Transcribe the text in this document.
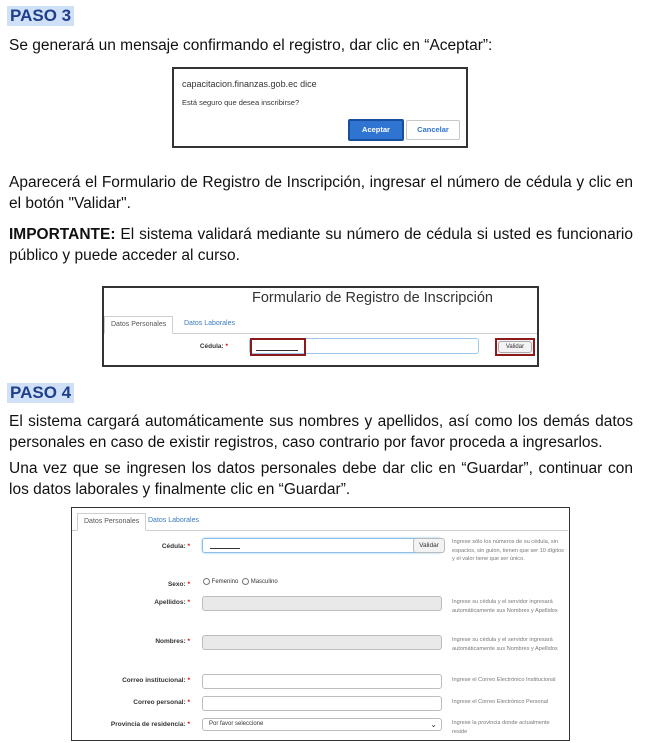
PASO 3
Se generará un mensaje confirmando el registro, dar clic en “Aceptar”:
capacitacion.finanzas.gob.ec dice
Está seguro que desea inscribirse?
Aceptar	Cancelar
Aparecerá el Formulario de Registro de Inscripción, ingresar el número de cédula y clic en el botón "Validar".
IMPORTANTE: El sistema validará mediante su número de cédula si usted es funcionario público y puede acceder al curso.
Formulario de Registro de Inscripción
Datos Personales	Datos Laborales
Cédula: *	Validar
PASO 4
El sistema cargará automáticamente sus nombres y apellidos, así como los demás datos personales en caso de existir registros, caso contrario por favor proceda a ingresarlos.
Una vez que se ingresen los datos personales debe dar clic en “Guardar”, continuar con los datos laborales y finalmente clic en “Guardar”.
Datos Personales	Datos Laborales
Cédula: *	Validar	Ingrese sólo los números de su cédula, sin espacios, sin guion, tienen que ser 10 dígitos y el valor tiene que ser único.
Sexo: *	Femenino Masculino
Apellidos: *	Ingrese su cédula y el servidor ingresará automáticamente sus Nombres y Apellidos
Nombres: *	Ingrese su cédula y el servidor ingresará automáticamente sus Nombres y Apellidos
Correo institucional: *	Ingrese el Correo Electrónico Institucional
Correo personal: *	Ingrese el Correo Electrónico Personal
Provincia de residencia: *	Por favor seleccione	⌄	Ingrese la provincia donde actualmente reside
